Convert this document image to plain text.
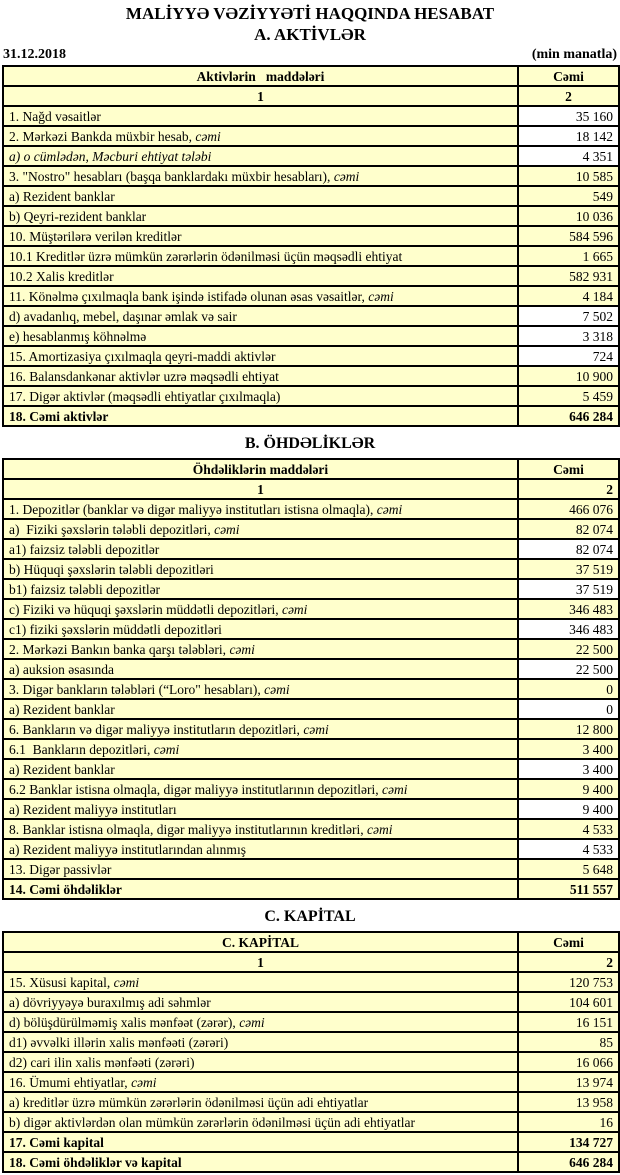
MALİYYƏ VƏZİYYƏTİ HAQQINDA HESABAT
A. AKTİVLƏR
31.12.2018	(min manatla)
Aktivlərin   maddələri	Cəmi
1	2
1. Nağd vəsaitlər	35 160
2. Mərkəzi Bankda müxbir hesab, cəmi	18 142
a) o cümlədən, Məcburi ehtiyat tələbi	4 351
3. "Nostro" hesabları (başqa banklardakı müxbir hesabları), cəmi	10 585
a) Rezident banklar	549
b) Qeyri-rezident banklar	10 036
10. Müştərilərə verilən kreditlər	584 596
10.1 Kreditlər üzrə mümkün zərərlərin ödənilməsi üçün məqsədli ehtiyat	1 665
10.2 Xalis kreditlər	582 931
11. Könəlmə çıxılmaqla bank işində istifadə olunan əsas vəsaitlər, cəmi	4 184
d) avadanlıq, mebel, daşınar əmlak və sair	7 502
e) hesablanmış köhnəlmə	3 318
15. Amortizasiya çıxılmaqla qeyri-maddi aktivlər	724
16. Balansdankənar aktivlər uzrə məqsədli ehtiyat	10 900
17. Digər aktivlər (məqsədli ehtiyatlar çıxılmaqla)	5 459
18. Cəmi aktivlər	646 284
B. ÖHDƏLİKLƏR
Öhdəliklərin maddələri	Cəmi
1	2
1. Depozitlər (banklar və digər maliyyə institutları istisna olmaqla), cəmi	466 076
a)  Fiziki şəxslərin tələbli depozitləri, cəmi	82 074
a1) faizsiz tələbli depozitlər	82 074
b) Hüquqi şəxslərin tələbli depozitləri	37 519
b1) faizsiz tələbli depozitlər	37 519
c) Fiziki və hüquqi şəxslərin müddətli depozitləri, cəmi	346 483
c1) fiziki şəxslərin müddətli depozitləri	346 483
2. Mərkəzi Bankın banka qarşı tələbləri, cəmi	22 500
a) auksion əsasında	22 500
3. Digər bankların tələbləri (“Loro" hesabları), cəmi	0
a) Rezident banklar	0
6. Bankların və digər maliyyə institutların depozitləri, cəmi	12 800
6.1  Bankların depozitləri, cəmi	3 400
a) Rezident banklar	3 400
6.2 Banklar istisna olmaqla, digər maliyyə institutlarının depozitləri, cəmi	9 400
a) Rezident maliyyə institutları	9 400
8. Banklar istisna olmaqla, digər maliyyə institutlarının kreditləri, cəmi	4 533
a) Rezident maliyyə institutlarından alınmış	4 533
13. Digər passivlər	5 648
14. Cəmi öhdəliklər	511 557
C. KAPİTAL
C. KAPİTAL	Cəmi
1	2
15. Xüsusi kapital, cəmi	120 753
a) dövriyyəyə buraxılmış adi səhmlər	104 601
d) bölüşdürülməmiş xalis mənfəət (zərər), cəmi	16 151
d1) əvvəlki illərin xalis mənfəəti (zərəri)	85
d2) cari ilin xalis mənfəəti (zərəri)	16 066
16. Ümumi ehtiyatlar, cəmi	13 974
a) kreditlər üzrə mümkün zərərlərin ödənilməsi üçün adi ehtiyatlar	13 958
b) digər aktivlərdən olan mümkün zərərlərin ödənilməsi üçün adi ehtiyatlar	16
17. Cəmi kapital	134 727
18. Cəmi öhdəliklər və kapital	646 284
